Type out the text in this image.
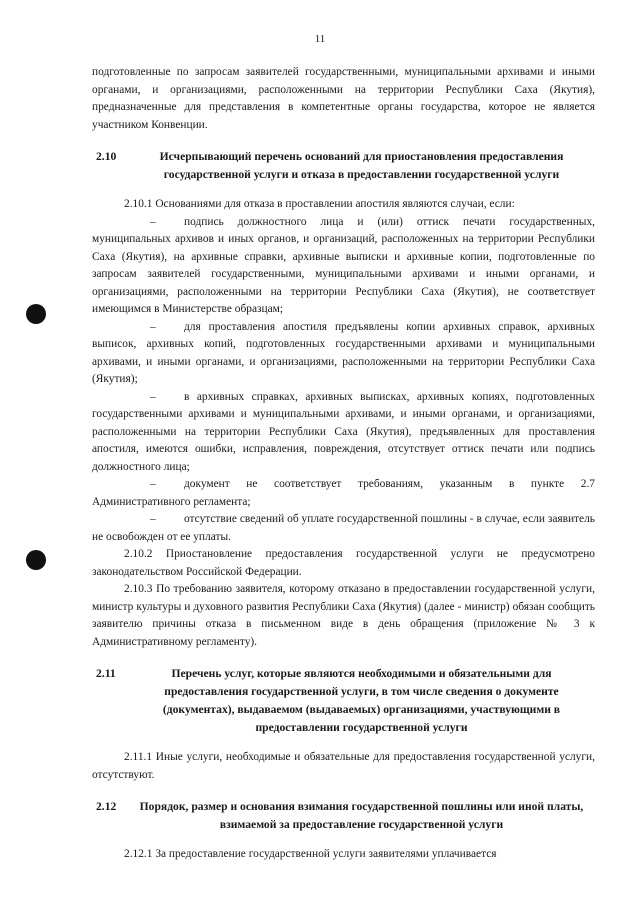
11

подготовленные по запросам заявителей государственными, муниципальными архивами и иными органами, и организациями, расположенными на территории Республики Саха (Якутия), предназначенные для представления в компетентные органы государства, которое не является участником Конвенции.

2.10	Исчерпывающий перечень оснований для приостановления предоставления государственной услуги и отказа в предоставлении государственной услуги

2.10.1 Основаниями для отказа в проставлении апостиля являются случаи, если:

– подпись должностного лица и (или) оттиск печати государственных, муниципальных архивов и иных органов, и организаций, расположенных на территории Республики Саха (Якутия), на архивные справки, архивные выписки и архивные копии, подготовленные по запросам заявителей государственными, муниципальными архивами и иными органами, и организациями, расположенными на территории Республики Саха (Якутия), не соответствует имеющимся в Министерстве образцам;

– для проставления апостиля предъявлены копии архивных справок, архивных выписок, архивных копий, подготовленных государственными архивами и муниципальными архивами, и иными органами, и организациями, расположенными на территории Республики Саха (Якутия);

– в архивных справках, архивных выписках, архивных копиях, подготовленных государственными архивами и муниципальными архивами, и иными органами, и организациями, расположенными на территории Республики Саха (Якутия), предъявленных для проставления апостиля, имеются ошибки, исправления, повреждения, отсутствует оттиск печати или подпись должностного лица;

– документ не соответствует требованиям, указанным в пункте 2.7 Административного регламента;

– отсутствие сведений об уплате государственной пошлины - в случае, если заявитель не освобожден от ее уплаты.

2.10.2 Приостановление предоставления государственной услуги не предусмотрено законодательством Российской Федерации.

2.10.3 По требованию заявителя, которому отказано в предоставлении государственной услуги, министр культуры и духовного развития Республики Саха (Якутия) (далее - министр) обязан сообщить заявителю причины отказа в письменном виде в день обращения (приложение № 3 к Административному регламенту).

2.11	Перечень услуг, которые являются необходимыми и обязательными для предоставления государственной услуги, в том числе сведения о документе (документах), выдаваемом (выдаваемых) организациями, участвующими в предоставлении государственной услуги

2.11.1 Иные услуги, необходимые и обязательные для предоставления государственной услуги, отсутствуют.

2.12	Порядок, размер и основания взимания государственной пошлины или иной платы, взимаемой за предоставление государственной услуги

2.12.1 За предоставление государственной услуги заявителями уплачивается
